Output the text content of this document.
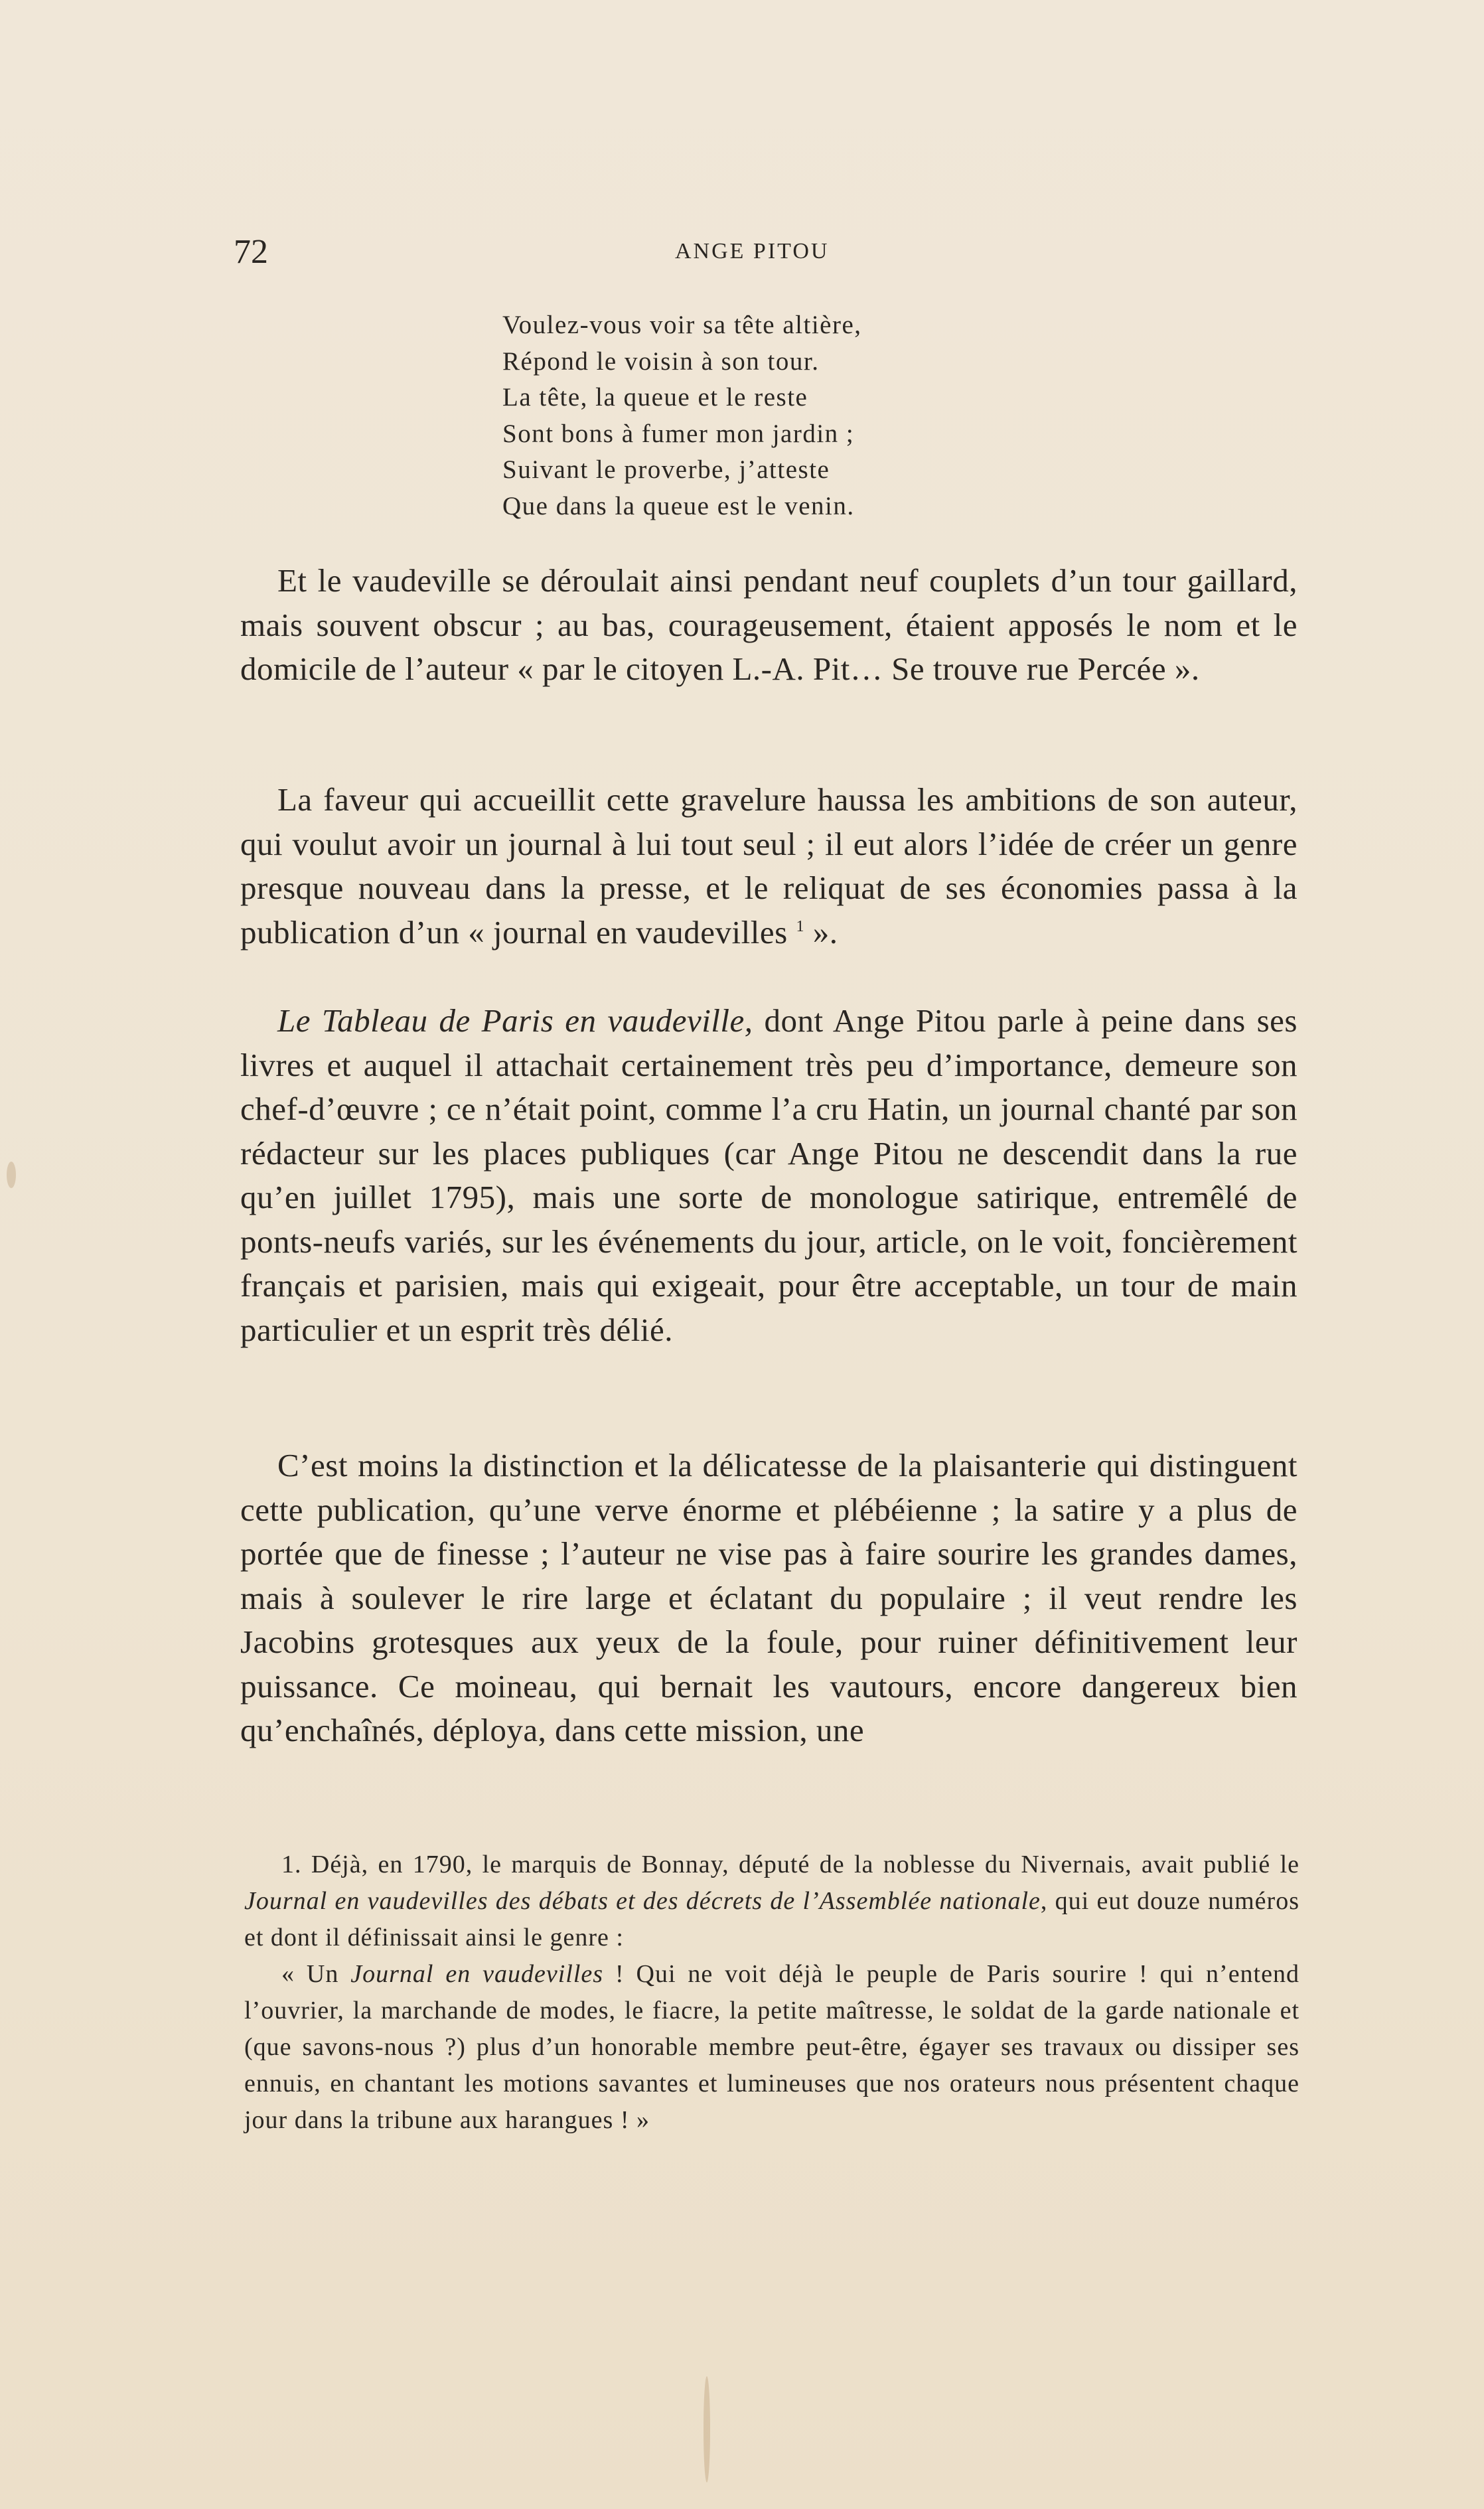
72	ANGE PITOU
Voulez-vous voir sa tête altière,
Répond le voisin à son tour.
La tête, la queue et le reste
Sont bons à fumer mon jardin ;
Suivant le proverbe, j’atteste
Que dans la queue est le venin.

Et le vaudeville se déroulait ainsi pendant neuf couplets d’un tour gaillard, mais souvent obscur ; au bas, courageusement, étaient apposés le nom et le domicile de l’auteur « par le citoyen L.-A. Pit… Se trouve rue Percée ».

La faveur qui accueillit cette gravelure haussa les ambitions de son auteur, qui voulut avoir un journal à lui tout seul ; il eut alors l’idée de créer un genre presque nouveau dans la presse, et le reliquat de ses économies passa à la publication d’un « journal en vaudevilles $^1$ ».

Le Tableau de Paris en vaudeville, dont Ange Pitou parle à peine dans ses livres et auquel il attachait certainement très peu d’importance, demeure son chef-d’œuvre ; ce n’était point, comme l’a cru Hatin, un journal chanté par son rédacteur sur les places publiques (car Ange Pitou ne descendit dans la rue qu’en juillet 1795), mais une sorte de monologue satirique, entremêlé de ponts-neufs variés, sur les événements du jour, article, on le voit, foncièrement français et parisien, mais qui exigeait, pour être acceptable, un tour de main particulier et un esprit très délié.

C’est moins la distinction et la délicatesse de la plaisanterie qui distinguent cette publication, qu’une verve énorme et plébéienne ; la satire y a plus de portée que de finesse ; l’auteur ne vise pas à faire sourire les grandes dames, mais à soulever le rire large et éclatant du populaire ; il veut rendre les Jacobins grotesques aux yeux de la foule, pour ruiner définitivement leur puissance. Ce moineau, qui bernait les vautours, encore dangereux bien qu’enchaînés, déploya, dans cette mission, une

1. Déjà, en 1790, le marquis de Bonnay, député de la noblesse du Nivernais, avait publié le Journal en vaudevilles des débats et des décrets de l’Assemblée nationale, qui eut douze numéros et dont il définissait ainsi le genre :

« Un Journal en vaudevilles ! Qui ne voit déjà le peuple de Paris sourire ! qui n’entend l’ouvrier, la marchande de modes, le fiacre, la petite maîtresse, le soldat de la garde nationale et (que savons-nous ?) plus d’un honorable membre peut-être, égayer ses travaux ou dissiper ses ennuis, en chantant les motions savantes et lumineuses que nos orateurs nous présentent chaque jour dans la tribune aux harangues ! »
